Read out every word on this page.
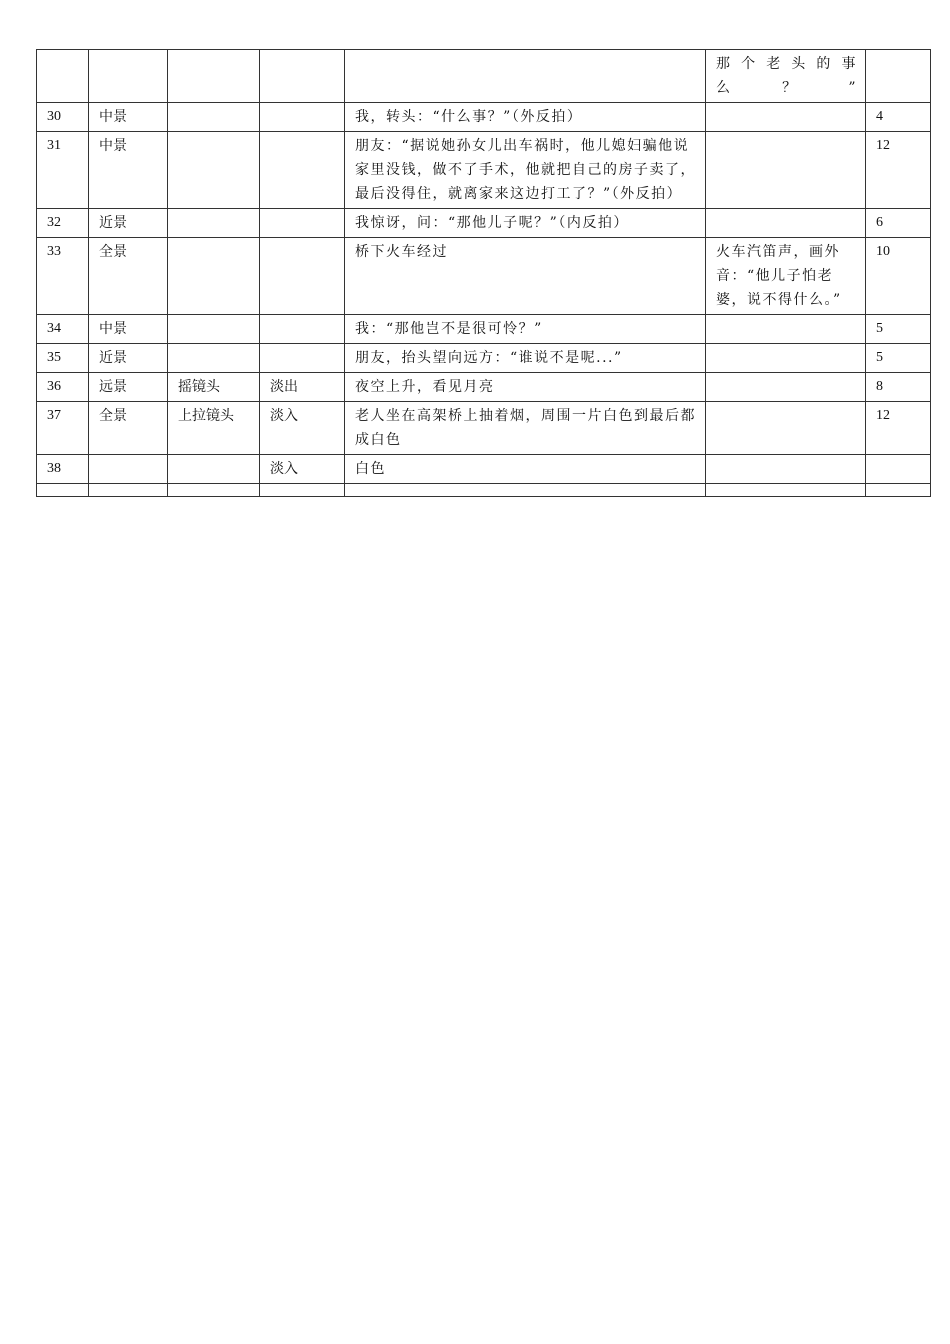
					那 个 老 头 的 事 么？”	
30	中景			我，转头：“什么事？”（外反拍）		4
31	中景			朋友：“据说她孙女儿出车祸时，他儿媳妇骗他说家里没钱，做不了手术，他就把自己的房子卖了，最后没得住，就离家来这边打工了？”（外反拍）		12
32	近景			我惊讶，问：“那他儿子呢？”（内反拍）		6
33	全景			桥下火车经过	火车汽笛声，画外音：“他儿子怕老婆，说不得什么。”	10
34	中景			我：“那他岂不是很可怜？”		5
35	近景			朋友，抬头望向远方：“谁说不是呢...”		5
36	远景	摇镜头	淡出	夜空上升，看见月亮		8
37	全景	上拉镜头	淡入	老人坐在高架桥上抽着烟，周围一片白色到最后都成白色		12
38			淡入	白色		
